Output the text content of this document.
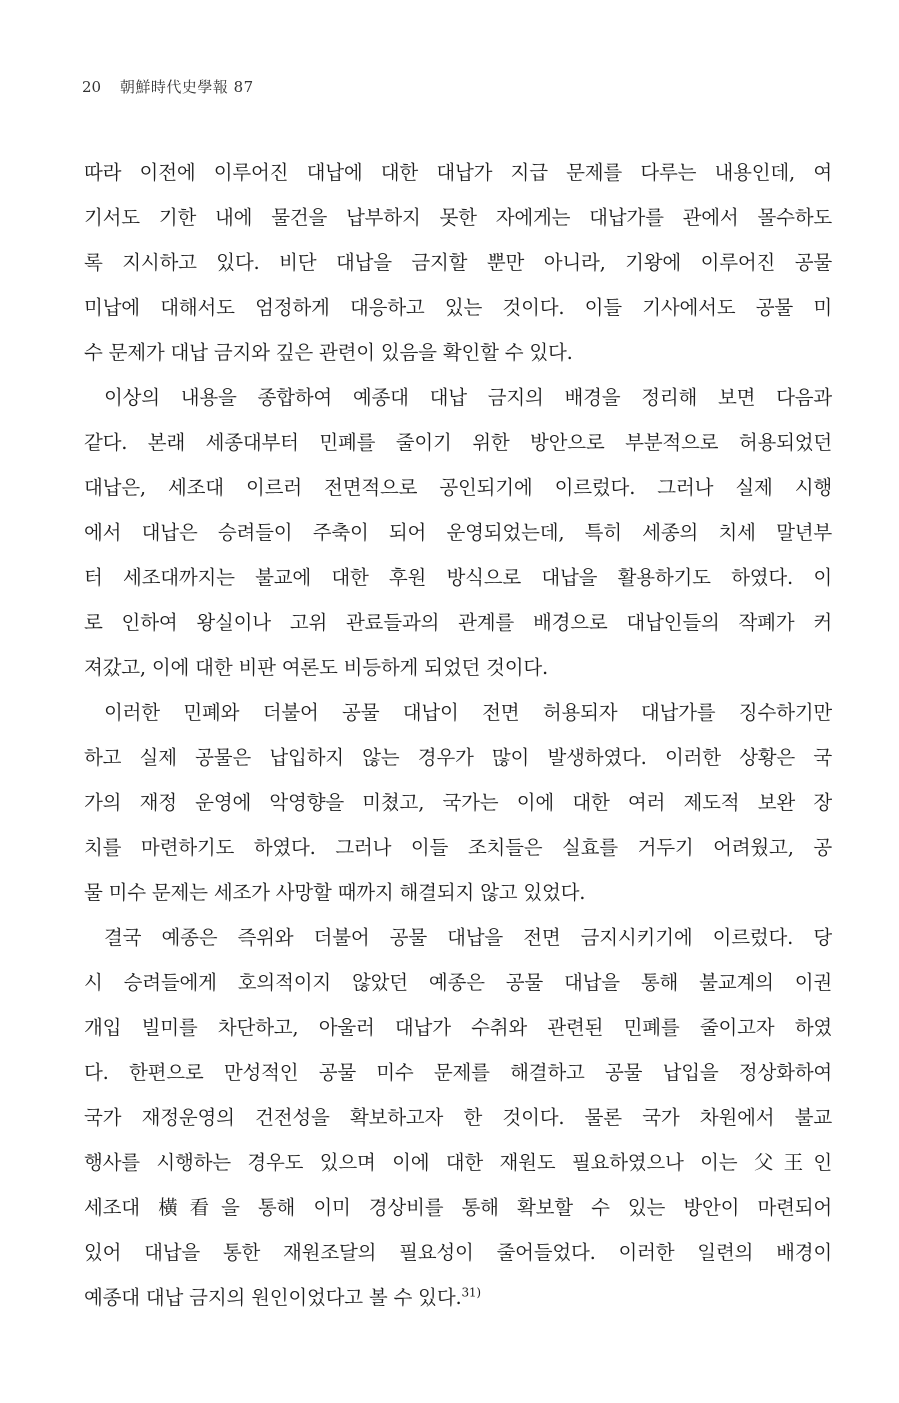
20 朝鮮時代史學報 87
따라 이전에 이루어진 대납에 대한 대납가 지급 문제를 다루는 내용인데, 여
기서도 기한 내에 물건을 납부하지 못한 자에게는 대납가를 관에서 몰수하도
록 지시하고 있다. 비단 대납을 금지할 뿐만 아니라, 기왕에 이루어진 공물
미납에 대해서도 엄정하게 대응하고 있는 것이다. 이들 기사에서도 공물 미
수 문제가 대납 금지와 깊은 관련이 있음을 확인할 수 있다.
이상의 내용을 종합하여 예종대 대납 금지의 배경을 정리해 보면 다음과
같다. 본래 세종대부터 민폐를 줄이기 위한 방안으로 부분적으로 허용되었던
대납은, 세조대 이르러 전면적으로 공인되기에 이르렀다. 그러나 실제 시행
에서 대납은 승려들이 주축이 되어 운영되었는데, 특히 세종의 치세 말년부
터 세조대까지는 불교에 대한 후원 방식으로 대납을 활용하기도 하였다. 이
로 인하여 왕실이나 고위 관료들과의 관계를 배경으로 대납인들의 작폐가 커
져갔고, 이에 대한 비판 여론도 비등하게 되었던 것이다.
이러한 민폐와 더불어 공물 대납이 전면 허용되자 대납가를 징수하기만
하고 실제 공물은 납입하지 않는 경우가 많이 발생하였다. 이러한 상황은 국
가의 재정 운영에 악영향을 미쳤고, 국가는 이에 대한 여러 제도적 보완 장
치를 마련하기도 하였다. 그러나 이들 조치들은 실효를 거두기 어려웠고, 공
물 미수 문제는 세조가 사망할 때까지 해결되지 않고 있었다.
결국 예종은 즉위와 더불어 공물 대납을 전면 금지시키기에 이르렀다. 당
시 승려들에게 호의적이지 않았던 예종은 공물 대납을 통해 불교계의 이권
개입 빌미를 차단하고, 아울러 대납가 수취와 관련된 민폐를 줄이고자 하였
다. 한편으로 만성적인 공물 미수 문제를 해결하고 공물 납입을 정상화하여
국가 재정운영의 건전성을 확보하고자 한 것이다. 물론 국가 차원에서 불교
행사를 시행하는 경우도 있으며 이에 대한 재원도 필요하였으나 이는 父王인
세조대 橫看을 통해 이미 경상비를 통해 확보할 수 있는 방안이 마련되어
있어 대납을 통한 재원조달의 필요성이 줄어들었다. 이러한 일련의 배경이
예종대 대납 금지의 원인이었다고 볼 수 있다.$^{31)}$
